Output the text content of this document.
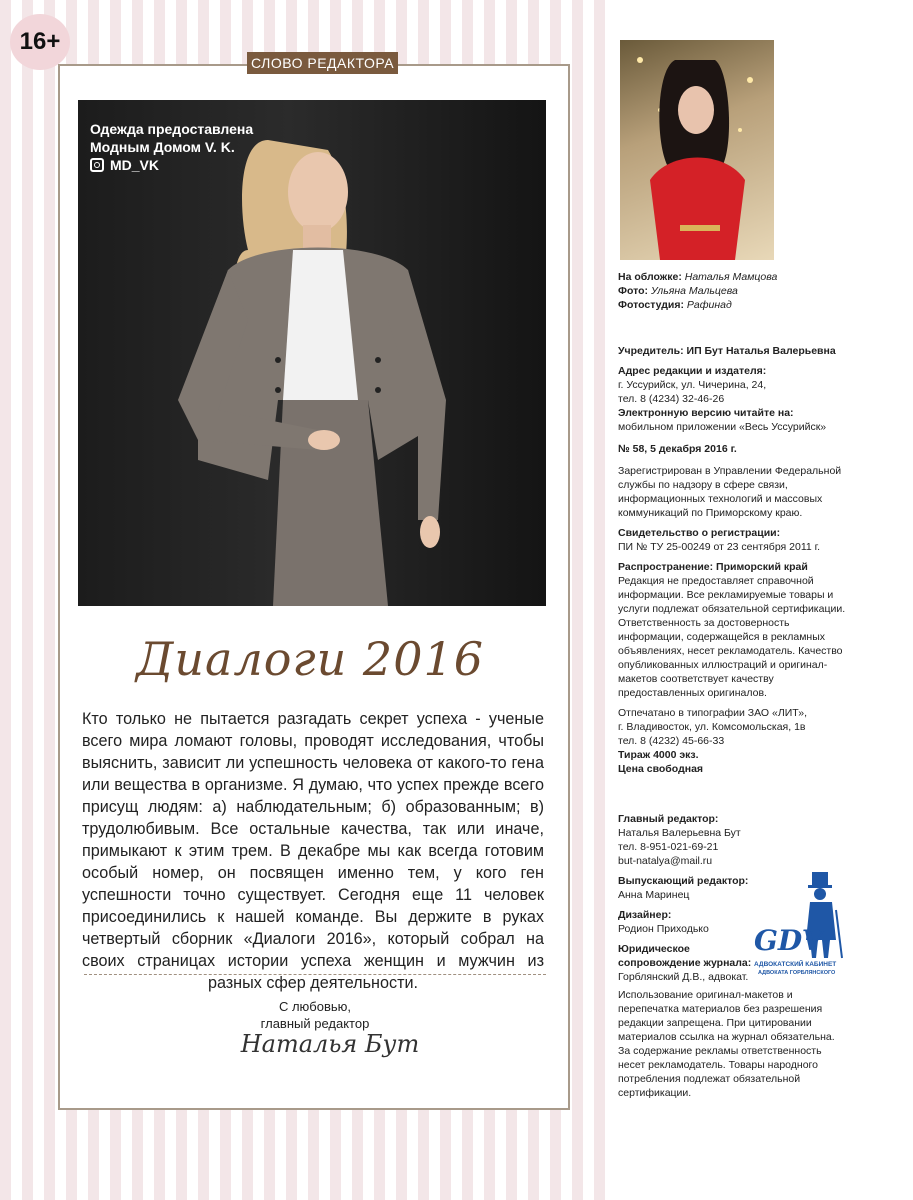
16+
СЛОВО РЕДАКТОРА
Одежда предоставлена
Модным Домом V. K.
MD_VK
Диалоги 2016
Кто только не пытается разгадать секрет успеха - ученые всего мира ломают головы, проводят исследования, чтобы выяснить, зависит ли успешность человека от какого-то гена или вещества в организме. Я думаю, что успех прежде всего присущ людям: а) наблюдательным; б) образованным; в) трудолюбивым. Все остальные качества, так или иначе, примыкают к этим трем. В декабре мы как всегда готовим особый номер, он посвящен именно тем, у кого ген успешности точно существует. Сегодня еще 11 человек присоединились к нашей команде. Вы держите в руках четвертый сборник «Диалоги 2016», который собрал на своих страницах истории успеха женщин и мужчин из разных сфер деятельности.
С любовью,
главный редактор
Наталья Бут
На обложке: Наталья Мамцова
Фото: Ульяна Мальцева
Фотостудия: Рафинад
Учредитель: ИП Бут Наталья Валерьевна
Адрес редакции и издателя:
г. Уссурийск, ул. Чичерина, 24,
тел. 8 (4234) 32-46-26
Электронную версию читайте на:
мобильном приложении «Весь Уссурийск»
№ 58, 5 декабря 2016 г.
Зарегистрирован в Управлении Федеральной службы по надзору в сфере связи, информационных технологий и массовых коммуникаций по Приморскому краю.
Свидетельство о регистрации:
ПИ № ТУ 25-00249 от 23 сентября 2011 г.
Распространение: Приморский край
Редакция не предоставляет справочной информации. Все рекламируемые товары и услуги подлежат обязательной сертификации. Ответственность за достоверность информации, содержащейся в рекламных объявлениях, несет рекламодатель. Качество опубликованных иллюстраций и оригинал-макетов соответствует качеству предоставленных оригиналов.
Отпечатано в типографии ЗАО «ЛИТ»,
г. Владивосток, ул. Комсомольская, 1в
тел. 8 (4232) 45-66-33
Тираж 4000 экз.
Цена свободная
Главный редактор:
Наталья Валерьевна Бут
тел. 8-951-021-69-21
but-natalya@mail.ru
Выпускающий редактор:
Анна Маринец
Дизайнер:
Родион Приходько
Юридическое
сопровождение журнала:
Горблянский Д.В., адвокат.
GDV
АДВОКАТСКИЙ КАБИНЕТ
АДВОКАТА ГОРБЛЯНСКОГО
Использование оригинал-макетов и перепечатка материалов без разрешения редакции запрещена. При цитировании материалов ссылка на журнал обязательна. За содержание рекламы ответственность несет рекламодатель. Товары народного потребления подлежат обязательной сертификации.
